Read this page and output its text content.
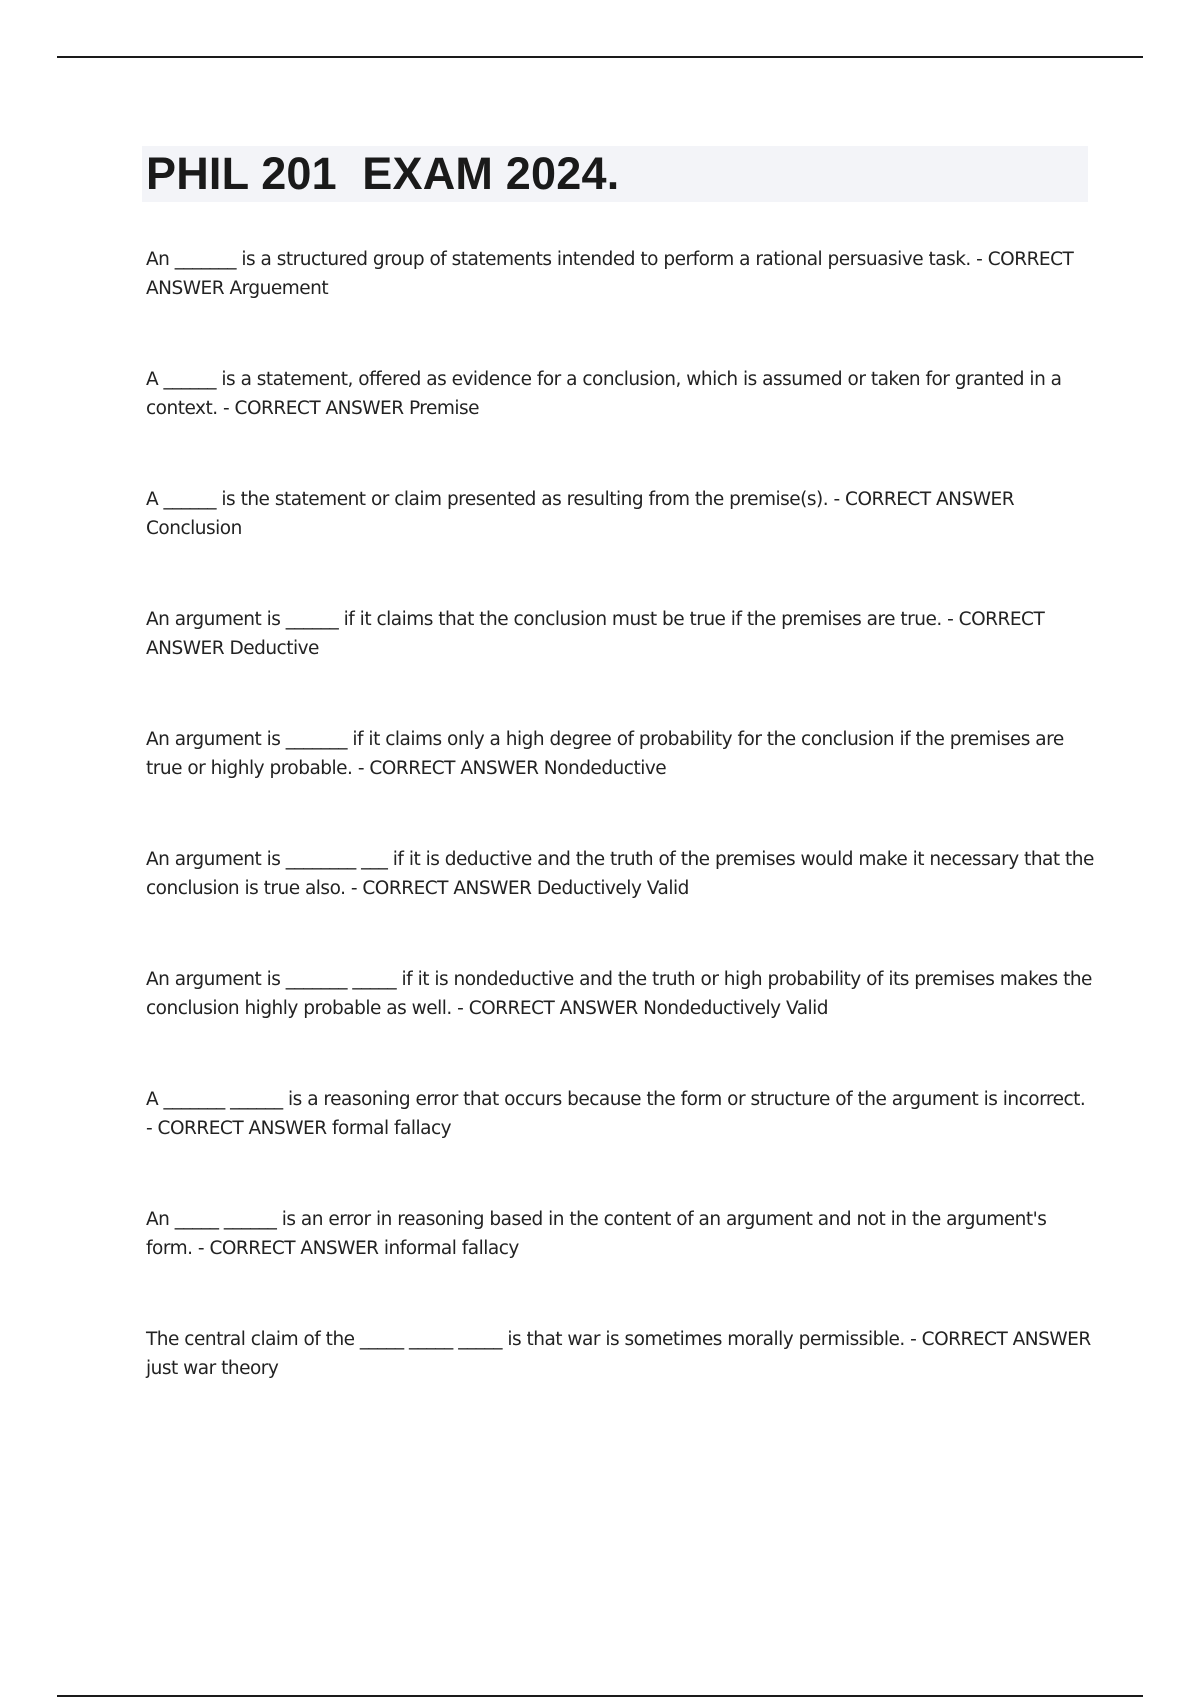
PHIL 201  EXAM 2024.

An _______ is a structured group of statements intended to perform a rational persuasive task. - CORRECT ANSWER Arguement

A ______ is a statement, offered as evidence for a conclusion, which is assumed or taken for granted in a context. - CORRECT ANSWER Premise

A ______ is the statement or claim presented as resulting from the premise(s). - CORRECT ANSWER Conclusion

An argument is ______ if it claims that the conclusion must be true if the premises are true. - CORRECT ANSWER Deductive

An argument is _______ if it claims only a high degree of probability for the conclusion if the premises are true or highly probable. - CORRECT ANSWER Nondeductive

An argument is ________ ___ if it is deductive and the truth of the premises would make it necessary that the conclusion is true also. - CORRECT ANSWER Deductively Valid

An argument is _______ _____ if it is nondeductive and the truth or high probability of its premises makes the conclusion highly probable as well. - CORRECT ANSWER Nondeductively Valid

A _______ ______ is a reasoning error that occurs because the form or structure of the argument is incorrect. - CORRECT ANSWER formal fallacy

An _____ ______ is an error in reasoning based in the content of an argument and not in the argument's form. - CORRECT ANSWER informal fallacy

The central claim of the _____ _____ _____ is that war is sometimes morally permissible. - CORRECT ANSWER just war theory
